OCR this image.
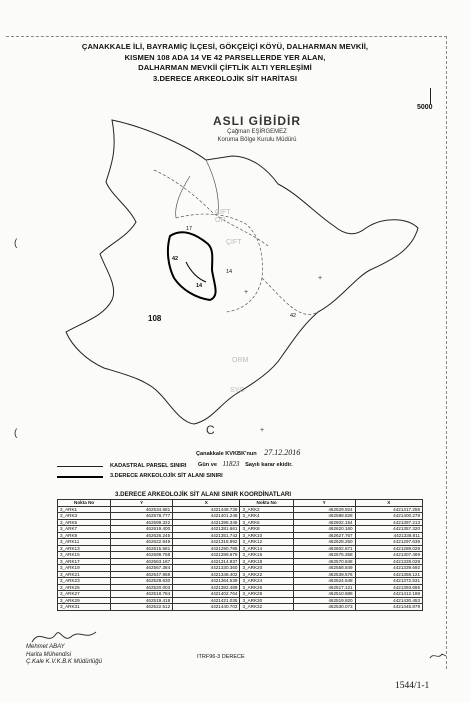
ÇANAKKALE İLİ, BAYRAMİÇ İLÇESİ, GÖKÇEİÇİ KÖYÜ, DALHARMAN MEVKİİ,
KISMEN 108 ADA 14 VE 42 PARSELLERDE YER ALAN,
DALHARMAN MEVKİİ ÇİFTLİK ALTI YERLEŞİMİ
3.DERECE ARKEOLOJİK SİT HARİTASI
5000
ÇIFT
OR
ÇIFT
SYC
ORM
(
(
+
+
C	+
17
42
14
14
108	42
ASLI GİBİDİR
Çağman EŞİRGEMEZ
Koruma Bölge Kurulu Müdürü
Çanakkale KVKBK'nun 27.12.2016
Gün ve 11823 Sayılı karar ekidir.
KADASTRAL PARSEL SINIRI
3.DERECE ARKEOLOJİK SİT ALANI SINIRI
3.DERECE ARKEOLOJİK SİT ALANI SINIR KOORDİNATLARI
Nokta No	Y	X	Nokta No	Y	X
3_ARK1	462534.681	4421448.736	3_ARK2	462529.924	4421417.258
3_ARK3	462578.777	4421401.248	3_ARK4	462588.828	4421400.278
3_ARK5	462599.322	4421398.345	3_ARK6	462602.154	4421397.213
3_ARK7	462619.400	4421381.661	3_ARK8	462620.160	4421357.320
3_ARK9	462626.245	4421351.742	3_ARK10	462627.767	4421338.811
3_ARK11	462622.949	4421318.992	3_ARK12	462628.250	4421297.639
3_ARK13	462615.581	4421290.785	3_ARK14	462602.671	4421289.029
3_ARK15	462599.768	4421289.679	3_ARK16	462575.358	4421307.469
3_ARK17	462563.187	4421314.837	3_ARK18	462570.848	4421328.028
3_ARK19	462567.384	4421330.360	3_ARK20	462558.849	4421339.692
3_ARK21	462547.958	4421348.402	3_ARK22	462539.576	4421358.121
3_ARK23	462529.630	4421364.539	3_ARK24	462524.548	4421372.531
3_ARK25	462520.003	4421382.489	3_ARK26	462517.121	4421393.655
3_ARK27	462518.784	4421402.764	3_ARK28	462510.688	4421412.188
3_ARK29	462519.418	4421421.035	3_ARK30	462519.920	4421430.453
3_ARK31	462522.512	4421440.703	3_ARK32	462530.073	4421445.879
ITRF96-3 DERECE
Mehmet ABAY
Harita Mühendisi
Ç.Kale K.V.K.B.K Müdürlüğü
1544/1-1
